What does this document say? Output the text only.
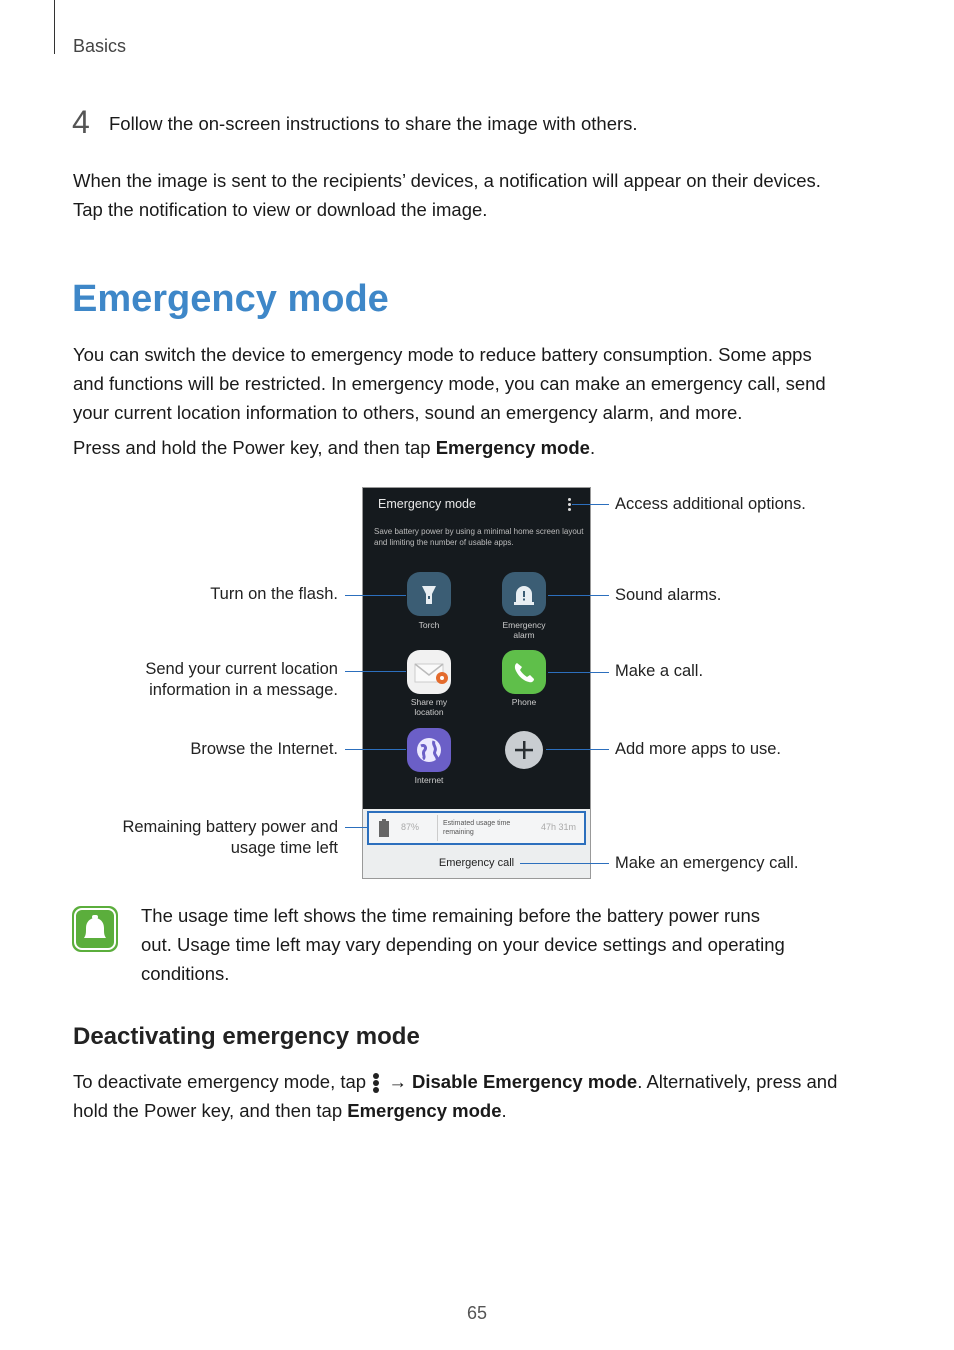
Basics
4 Follow the on-screen instructions to share the image with others.
When the image is sent to the recipients’ devices, a notification will appear on their devices.
Tap the notification to view or download the image.
Emergency mode
You can switch the device to emergency mode to reduce battery consumption. Some apps
and functions will be restricted. In emergency mode, you can make an emergency call, send
your current location information to others, sound an emergency alarm, and more.
Press and hold the Power key, and then tap Emergency mode.
Emergency mode
Save battery power by using a minimal home screen layout and limiting the number of usable apps.
Torch	Emergency
alarm
Share my
location
Phone
Internet
87%	Estimated usage time
remaining
47h 31m
Emergency call
Access additional options.
Sound alarms.
Make a call.
Add more apps to use.
Make an emergency call.
Turn on the flash.
Send your current location
information in a message.
Browse the Internet.
Remaining battery power and
usage time left
The usage time left shows the time remaining before the battery power runs
out. Usage time left may vary depending on your device settings and operating
conditions.
Deactivating emergency mode
To deactivate emergency mode, tap → Disable Emergency mode. Alternatively, press and
hold the Power key, and then tap Emergency mode.
65
